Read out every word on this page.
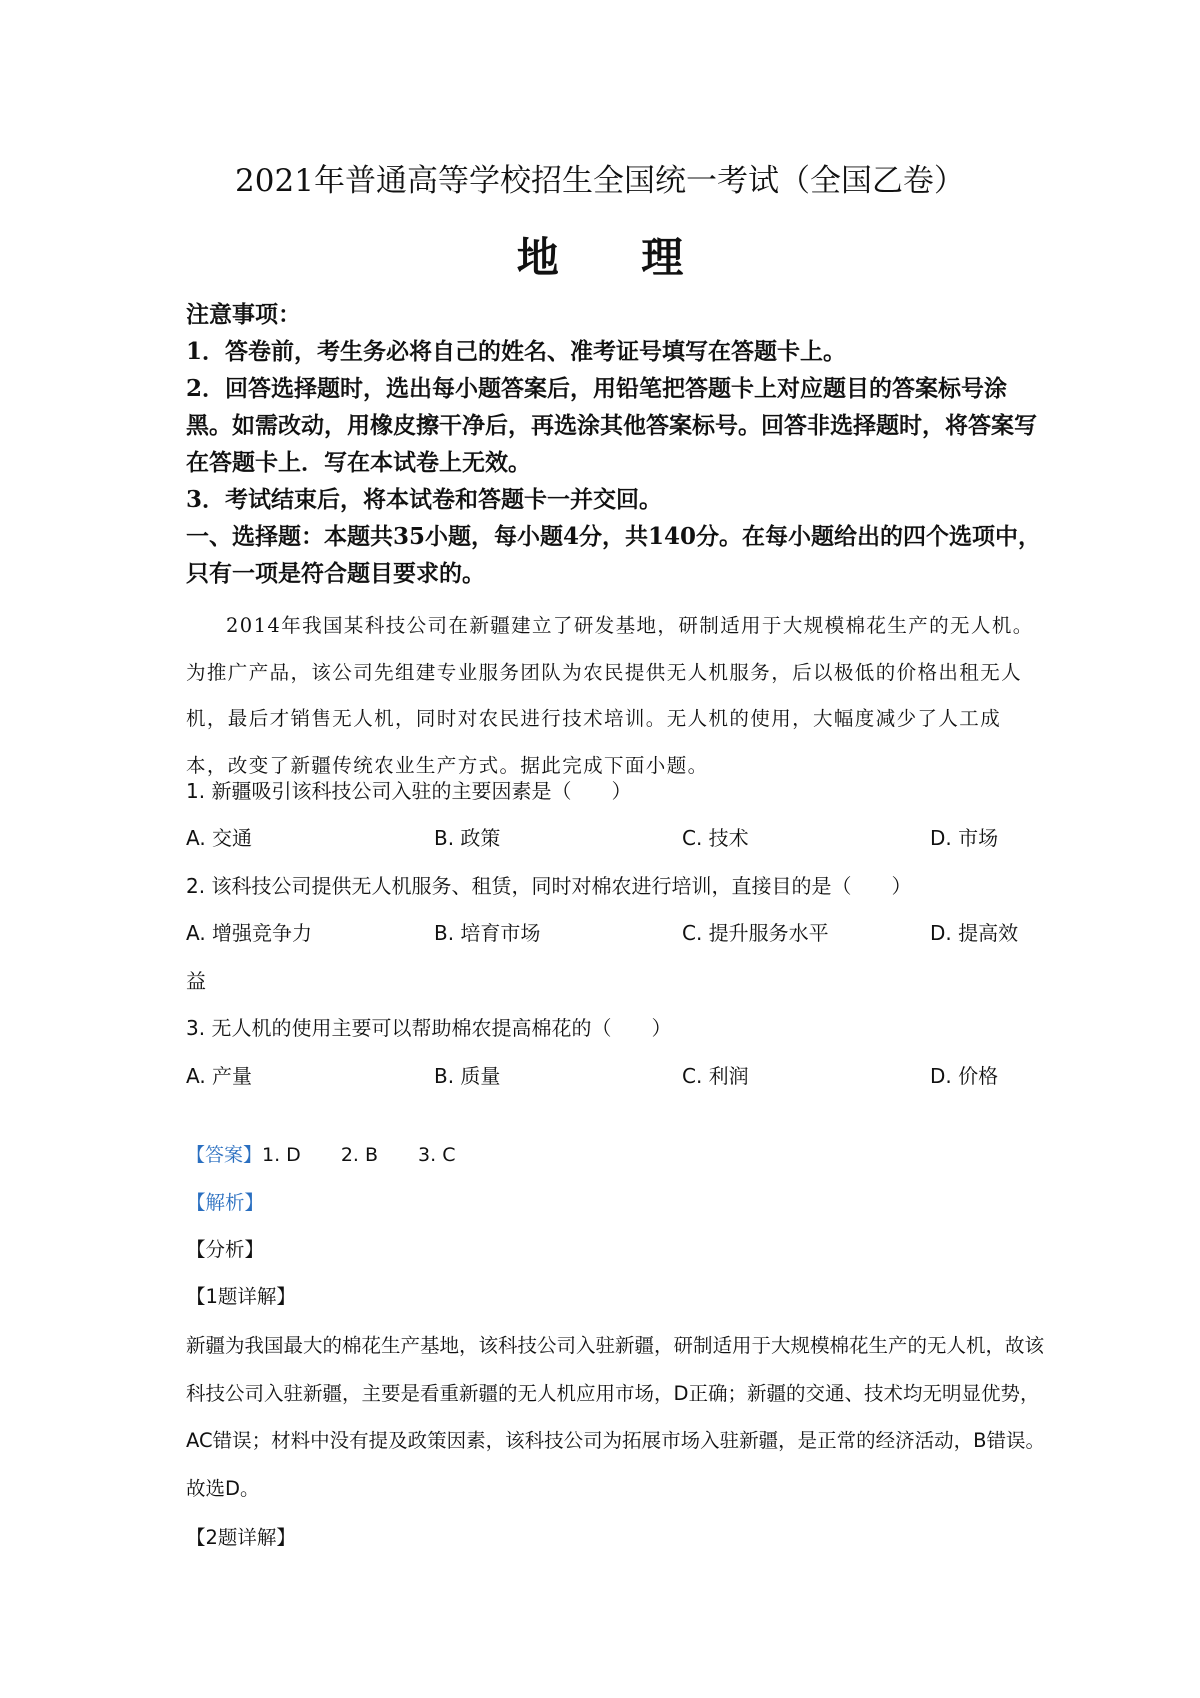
2021年普通高等学校招生全国统一考试（全国乙卷）
地 理
注意事项：
1．答卷前，考生务必将自己的姓名、准考证号填写在答题卡上。
2．回答选择题时，选出每小题答案后，用铅笔把答题卡上对应题目的答案标号涂黑。如需改动，用橡皮擦干净后，再选涂其他答案标号。回答非选择题时，将答案写在答题卡上．写在本试卷上无效。
3．考试结束后，将本试卷和答题卡一并交回。
一、选择题：本题共35小题，每小题4分，共140分。在每小题给出的四个选项中，只有一项是符合题目要求的。
2014年我国某科技公司在新疆建立了研发基地，研制适用于大规模棉花生产的无人机。为推广产品，该公司先组建专业服务团队为农民提供无人机服务，后以极低的价格出租无人机，最后才销售无人机，同时对农民进行技术培训。无人机的使用，大幅度减少了人工成本，改变了新疆传统农业生产方式。据此完成下面小题。
1. 新疆吸引该科技公司入驻的主要因素是（　　）
A. 交通	B. 政策	C. 技术	D. 市场
2. 该科技公司提供无人机服务、租赁，同时对棉农进行培训，直接目的是（　　）
A. 增强竞争力	B. 培育市场	C. 提升服务水平	D. 提高效
益
3. 无人机的使用主要可以帮助棉农提高棉花的（　　）
A. 产量	B. 质量	C. 利润	D. 价格
【答案】1. D 2. B 3. C
【解析】
【分析】
【1题详解】
新疆为我国最大的棉花生产基地，该科技公司入驻新疆，研制适用于大规模棉花生产的无人机，故该科技公司入驻新疆，主要是看重新疆的无人机应用市场，D正确；新疆的交通、技术均无明显优势，AC错误；材料中没有提及政策因素，该科技公司为拓展市场入驻新疆，是正常的经济活动，B错误。故选D。
【2题详解】
